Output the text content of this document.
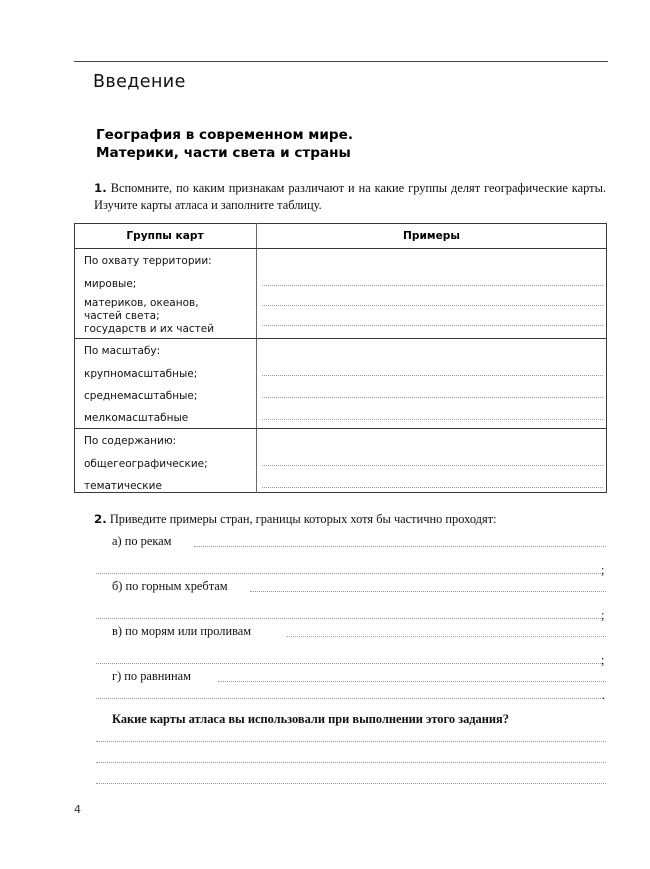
Введение
География в современном мире.
Материки, части света и страны
1. Вспомните, по каким признакам различают и на какие группы делят географические карты. Изучите карты атласа и заполните таблицу.
Группы карт	Примеры
По охвату территории:
мировые;
материков, океанов,
частей света;
государств и их частей
По масштабу:
крупномасштабные;
среднемасштабные;
мелкомасштабные
По содержанию:
общегеографические;
тематические
2. Приведите примеры стран, границы которых хотя бы частично проходят:
а) по рекам
;
б) по горным хребтам
;
в) по морям или проливам
;
г) по равнинам
.
Какие карты атласа вы использовали при выполнении этого задания?
4
